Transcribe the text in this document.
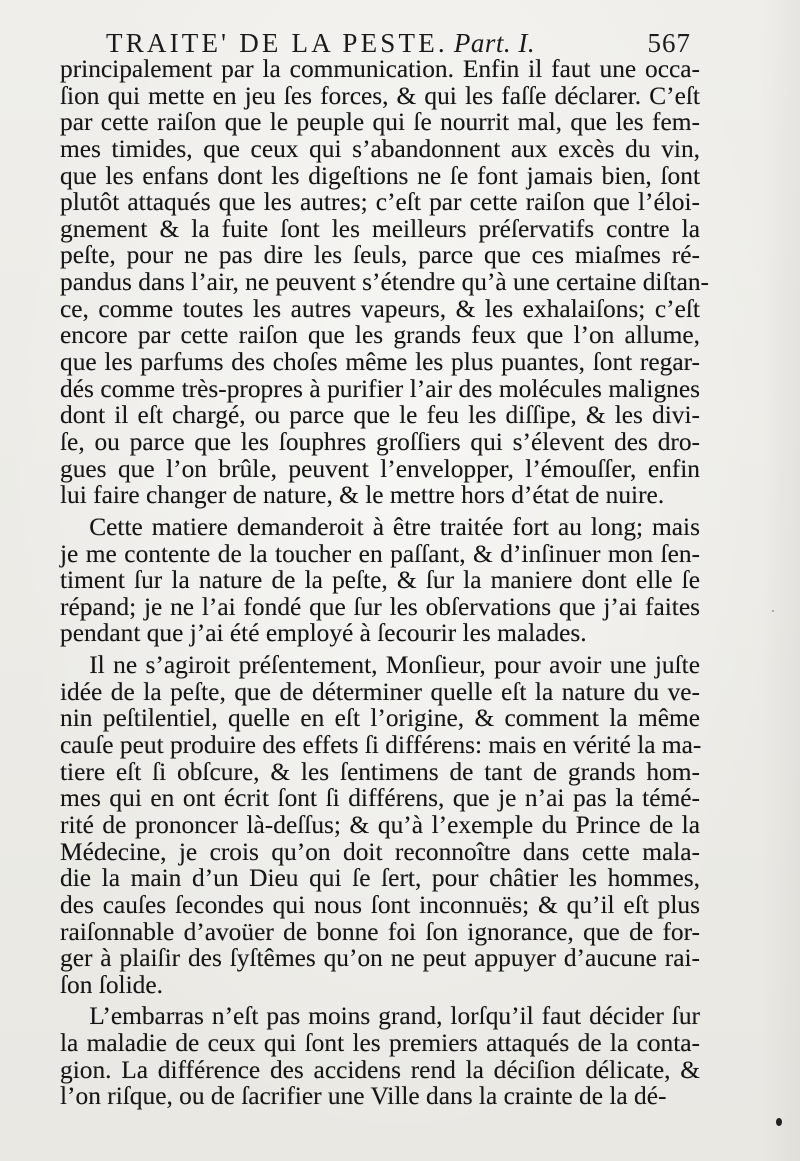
TRAITE' DE LA PESTE. Part. I.	567

principalement par la communication. Enfin il faut une occa-
ſion qui mette en jeu ſes forces, & qui les faſſe déclarer. C’eſt
par cette raiſon que le peuple qui ſe nourrit mal, que les fem-
mes timides, que ceux qui s’abandonnent aux excès du vin,
que les enfans dont les digeſtions ne ſe font jamais bien, ſont
plutôt attaqués que les autres; c’eſt par cette raiſon que l’éloi-
gnement & la fuite ſont les meilleurs préſervatifs contre la
peſte, pour ne pas dire les ſeuls, parce que ces miaſmes ré-
pandus dans l’air, ne peuvent s’étendre qu’à une certaine diſtan-
ce, comme toutes les autres vapeurs, & les exhalaiſons; c’eſt
encore par cette raiſon que les grands feux que l’on allume,
que les parfums des choſes même les plus puantes, ſont regar-
dés comme très-propres à purifier l’air des molécules malignes
dont il eſt chargé, ou parce que le feu les diſſipe, & les divi-
ſe, ou parce que les ſouphres groſſiers qui s’élevent des dro-
gues que l’on brûle, peuvent l’envelopper, l’émouſſer, enfin
lui faire changer de nature, & le mettre hors d’état de nuire.

Cette matiere demanderoit à être traitée fort au long; mais
je me contente de la toucher en paſſant, & d’inſinuer mon ſen-
timent ſur la nature de la peſte, & ſur la maniere dont elle ſe
répand; je ne l’ai fondé que ſur les obſervations que j’ai faites
pendant que j’ai été employé à ſecourir les malades.

Il ne s’agiroit préſentement, Monſieur, pour avoir une juſte
idée de la peſte, que de déterminer quelle eſt la nature du ve-
nin peſtilentiel, quelle en eſt l’origine, & comment la même
cauſe peut produire des effets ſi différens: mais en vérité la ma-
tiere eſt ſi obſcure, & les ſentimens de tant de grands hom-
mes qui en ont écrit ſont ſi différens, que je n’ai pas la témé-
rité de prononcer là-deſſus; & qu’à l’exemple du Prince de la
Médecine, je crois qu’on doit reconnoître dans cette mala-
die la main d’un Dieu qui ſe ſert, pour châtier les hommes,
des cauſes ſecondes qui nous ſont inconnuës; & qu’il eſt plus
raiſonnable d’avoüer de bonne foi ſon ignorance, que de for-
ger à plaiſir des ſyſtêmes qu’on ne peut appuyer d’aucune rai-
ſon ſolide.

L’embarras n’eſt pas moins grand, lorſqu’il faut décider ſur
la maladie de ceux qui ſont les premiers attaqués de la conta-
gion. La différence des accidens rend la déciſion délicate, &
l’on riſque, ou de ſacrifier une Ville dans la crainte de la dé-
